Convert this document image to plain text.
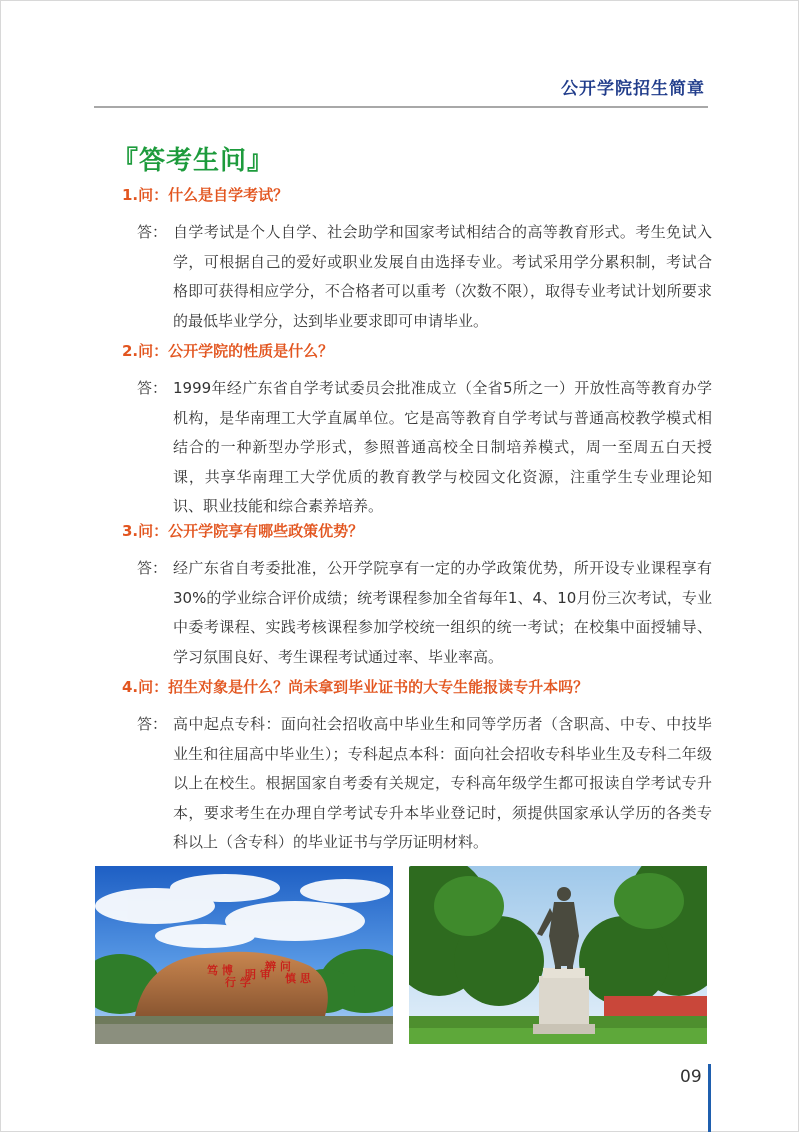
公开学院招生简章
『答考生问』
1.问：什么是自学考试？
答： 自学考试是个人自学、社会助学和国家考试相结合的高等教育形式。考生免试入学，可根据自己的爱好或职业发展自由选择专业。考试采用学分累积制，考试合格即可获得相应学分，不合格者可以重考（次数不限），取得专业考试计划所要求的最低毕业学分，达到毕业要求即可申请毕业。
2.问：公开学院的性质是什么？
答： 1999年经广东省自学考试委员会批准成立（全省5所之一）开放性高等教育办学机构，是华南理工大学直属单位。它是高等教育自学考试与普通高校教学模式相结合的一种新型办学形式，参照普通高校全日制培养模式，周一至周五白天授课，共享华南理工大学优质的教育教学与校园文化资源，注重学生专业理论知识、职业技能和综合素养培养。
3.问：公开学院享有哪些政策优势？
答： 经广东省自考委批准，公开学院享有一定的办学政策优势，所开设专业课程享有30%的学业综合评价成绩；统考课程参加全省每年1、4、10月份三次考试，专业中委考课程、实践考核课程参加学校统一组织的统一考试；在校集中面授辅导、学习氛围良好、考生课程考试通过率、毕业率高。
4.问：招生对象是什么？尚未拿到毕业证书的大专生能报读专升本吗？
答： 高中起点专科：面向社会招收高中毕业生和同等学历者（含职高、中专、中技毕业生和往届高中毕业生）；专科起点本科：面向社会招收专科毕业生及专科二年级以上在校生。根据国家自考委有关规定，专科高年级学生都可报读自学考试专升本，要求考生在办理自学考试专升本毕业登记时，须提供国家承认学历的各类专科以上（含专科）的毕业证书与学历证明材料。
笃 博
行 学
明 审
辨 问
慎 思
09
